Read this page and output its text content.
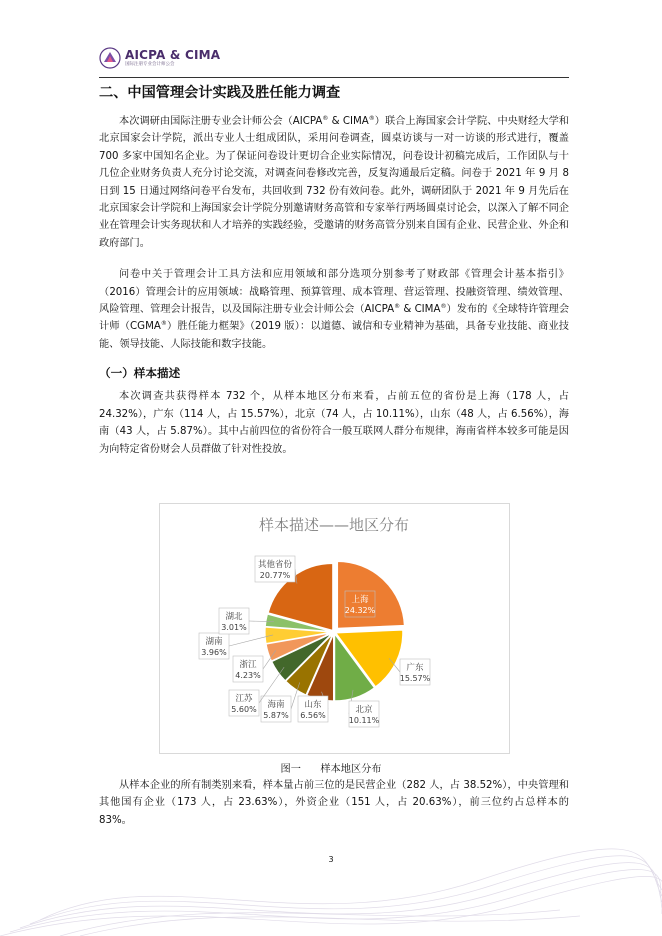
AICPA & CIMA
国际注册专业会计师公会
二、中国管理会计实践及胜任能力调查

本次调研由国际注册专业会计师公会（AICPA® & CIMA®）联合上海国家会计学院、中央财经大学和北京国家会计学院，派出专业人士组成团队，采用问卷调查，圆桌访谈与一对一访谈的形式进行，覆盖 700 多家中国知名企业。为了保证问卷设计更切合企业实际情况，问卷设计初稿完成后，工作团队与十几位企业财务负责人充分讨论交流，对调查问卷修改完善，反复沟通最后定稿。问卷于 2021 年 9 月 8 日到 15 日通过网络问卷平台发布，共回收到 732 份有效问卷。此外，调研团队于 2021 年 9 月先后在北京国家会计学院和上海国家会计学院分别邀请财务高管和专家举行两场圆桌讨论会，以深入了解不同企业在管理会计实务现状和人才培养的实践经验，受邀请的财务高管分别来自国有企业、民营企业、外企和政府部门。

问卷中关于管理会计工具方法和应用领域和部分选项分别参考了财政部《管理会计基本指引》（2016）管理会计的应用领域：战略管理、预算管理、成本管理、营运管理、投融资管理、绩效管理、风险管理、管理会计报告，以及国际注册专业会计师公会（AICPA® & CIMA®）发布的《全球特许管理会计师（CGMA®）胜任能力框架》（2019 版）：以道德、诚信和专业精神为基础，具备专业技能、商业技能、领导技能、人际技能和数字技能。

（一）样本描述

本次调查共获得样本 732 个，从样本地区分布来看，占前五位的省份是上海（178 人，占 24.32%），广东（114 人，占 15.57%），北京（74 人，占 10.11%），山东（48 人，占 6.56%），海南（43 人，占 5.87%）。其中占前四位的省份符合一般互联网人群分布规律，海南省样本较多可能是因为向特定省份财会人员群做了针对性投放。

样本描述——地区分布
上海
24.32%
广东
15.57%
北京
10.11%
山东
6.56%
海南
5.87%
江苏
5.60%
浙江
4.23%
湖南
3.96%
湖北
3.01%
其他省份
20.77%
图一      样本地区分布

从样本企业的所有制类别来看，样本量占前三位的是民营企业（282 人，占 38.52%），中央管理和其他国有企业（173 人，占 23.63%），外资企业（151 人，占 20.63%），前三位约占总样本的 83%。

3
